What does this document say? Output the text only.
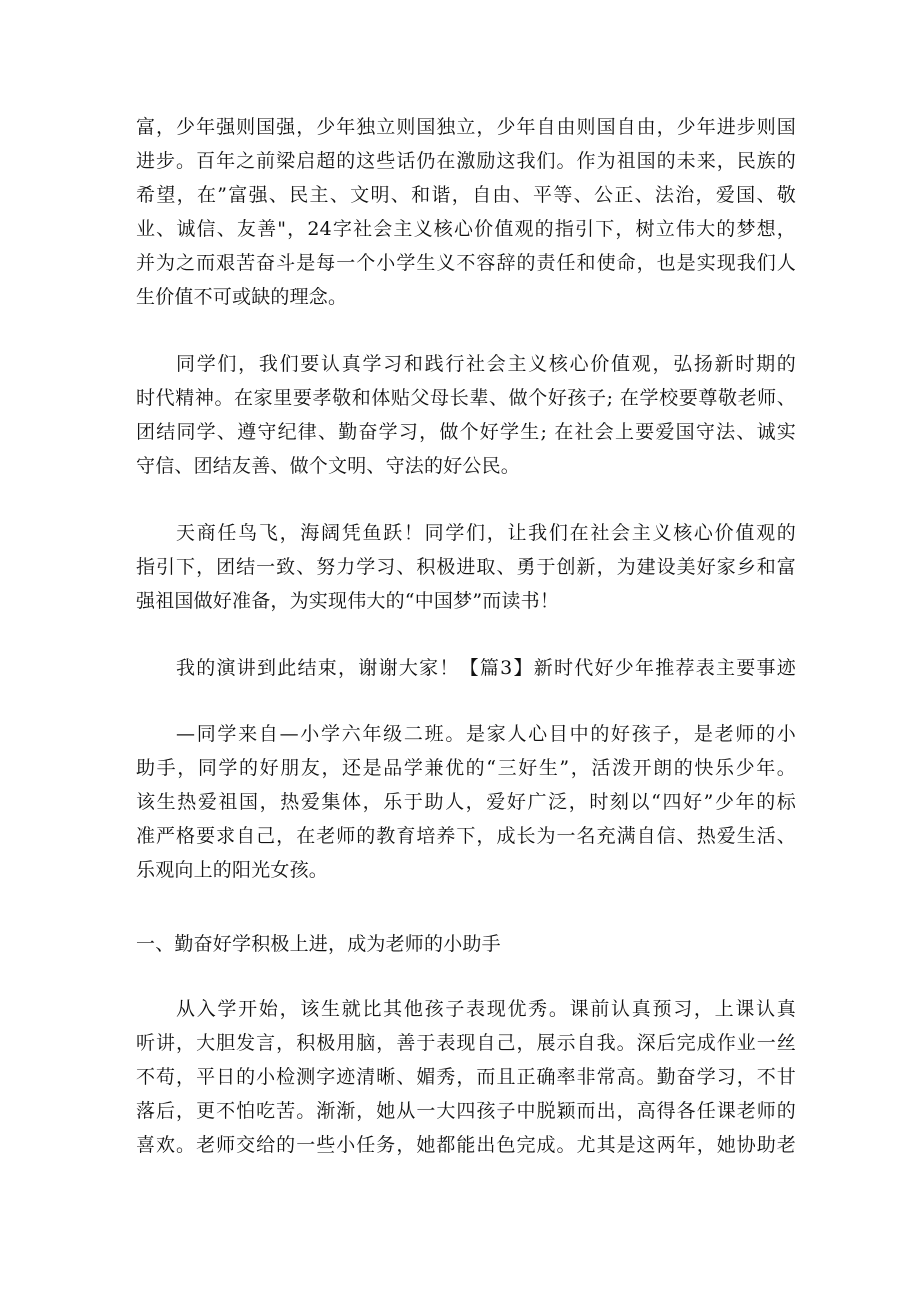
富，少年强则国强，少年独立则国独立，少年自由则国自由，少年进步则国
进步。百年之前梁启超的这些话仍在激励这我们。作为祖国的未来，民族的
希望，在”富强、民主、文明、和谐，自由、平等、公正、法治，爱国、敬
业、诚信、友善"，24字社会主义核心价值观的指引下，树立伟大的梦想，
并为之而艰苦奋斗是每一个小学生义不容辞的责任和使命，也是实现我们人
生价值不可或缺的理念。
同学们，我们要认真学习和践行社会主义核心价值观，弘扬新时期的
时代精神。在家里要孝敬和体贴父母长辈、做个好孩子; 在学校要尊敬老师、
团结同学、遵守纪律、勤奋学习，做个好学生; 在社会上要爱国守法、诚实
守信、团结友善、做个文明、守法的好公民。
天商任鸟飞，海阔凭鱼跃！同学们，让我们在社会主义核心价值观的
指引下，团结一致、努力学习、积极进取、勇于创新，为建设美好家乡和富
强祖国做好准备，为实现伟大的“中国梦”而读书！
我的演讲到此结束，谢谢大家！【篇3】新时代好少年推荐表主要事迹
—同学来自—小学六年级二班。是家人心目中的好孩子，是老师的小
助手，同学的好朋友，还是品学兼优的“三好生”，活泼开朗的快乐少年。
该生热爱祖国，热爱集体，乐于助人，爱好广泛，时刻以“四好”少年的标
准严格要求自己，在老师的教育培养下，成长为一名充满自信、热爱生活、
乐观向上的阳光女孩。
一、勤奋好学积极上进，成为老师的小助手
从入学开始，该生就比其他孩子表现优秀。课前认真预习，上课认真
听讲，大胆发言，积极用脑，善于表现自己，展示自我。深后完成作业一丝
不苟，平日的小检测字迹清晰、媚秀，而且正确率非常高。勤奋学习，不甘
落后，更不怕吃苦。渐渐，她从一大四孩子中脱颖而出，高得各任课老师的
喜欢。老师交给的一些小任务，她都能出色完成。尤其是这两年，她协助老
